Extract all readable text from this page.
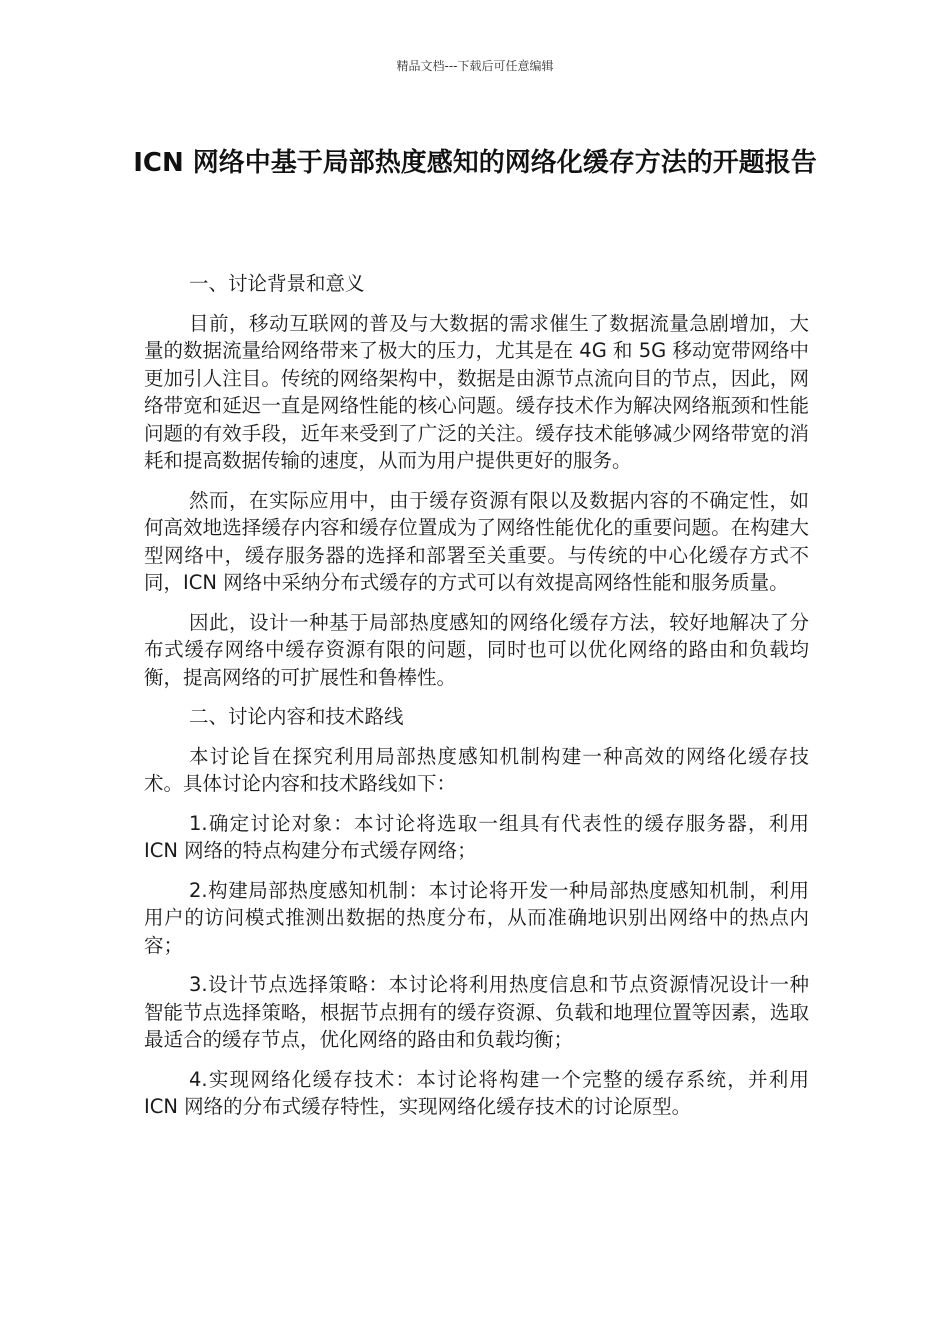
精品文档---下载后可任意编辑
ICN 网络中基于局部热度感知的网络化缓存方法的开题报告

一、讨论背景和意义

目前，移动互联网的普及与大数据的需求催生了数据流量急剧增加，大量的数据流量给网络带来了极大的压力，尤其是在 4G 和 5G 移动宽带网络中更加引人注目。传统的网络架构中，数据是由源节点流向目的节点，因此，网络带宽和延迟一直是网络性能的核心问题。缓存技术作为解决网络瓶颈和性能问题的有效手段，近年来受到了广泛的关注。缓存技术能够减少网络带宽的消耗和提高数据传输的速度，从而为用户提供更好的服务。

然而，在实际应用中，由于缓存资源有限以及数据内容的不确定性，如何高效地选择缓存内容和缓存位置成为了网络性能优化的重要问题。在构建大型网络中，缓存服务器的选择和部署至关重要。与传统的中心化缓存方式不同，ICN 网络中采纳分布式缓存的方式可以有效提高网络性能和服务质量。

因此，设计一种基于局部热度感知的网络化缓存方法，较好地解决了分布式缓存网络中缓存资源有限的问题，同时也可以优化网络的路由和负载均衡，提高网络的可扩展性和鲁棒性。

二、讨论内容和技术路线

本讨论旨在探究利用局部热度感知机制构建一种高效的网络化缓存技术。具体讨论内容和技术路线如下：

1.确定讨论对象：本讨论将选取一组具有代表性的缓存服务器，利用 ICN 网络的特点构建分布式缓存网络；

2.构建局部热度感知机制：本讨论将开发一种局部热度感知机制，利用用户的访问模式推测出数据的热度分布，从而准确地识别出网络中的热点内容；

3.设计节点选择策略：本讨论将利用热度信息和节点资源情况设计一种智能节点选择策略，根据节点拥有的缓存资源、负载和地理位置等因素，选取最适合的缓存节点，优化网络的路由和负载均衡；

4.实现网络化缓存技术：本讨论将构建一个完整的缓存系统，并利用 ICN 网络的分布式缓存特性，实现网络化缓存技术的讨论原型。
